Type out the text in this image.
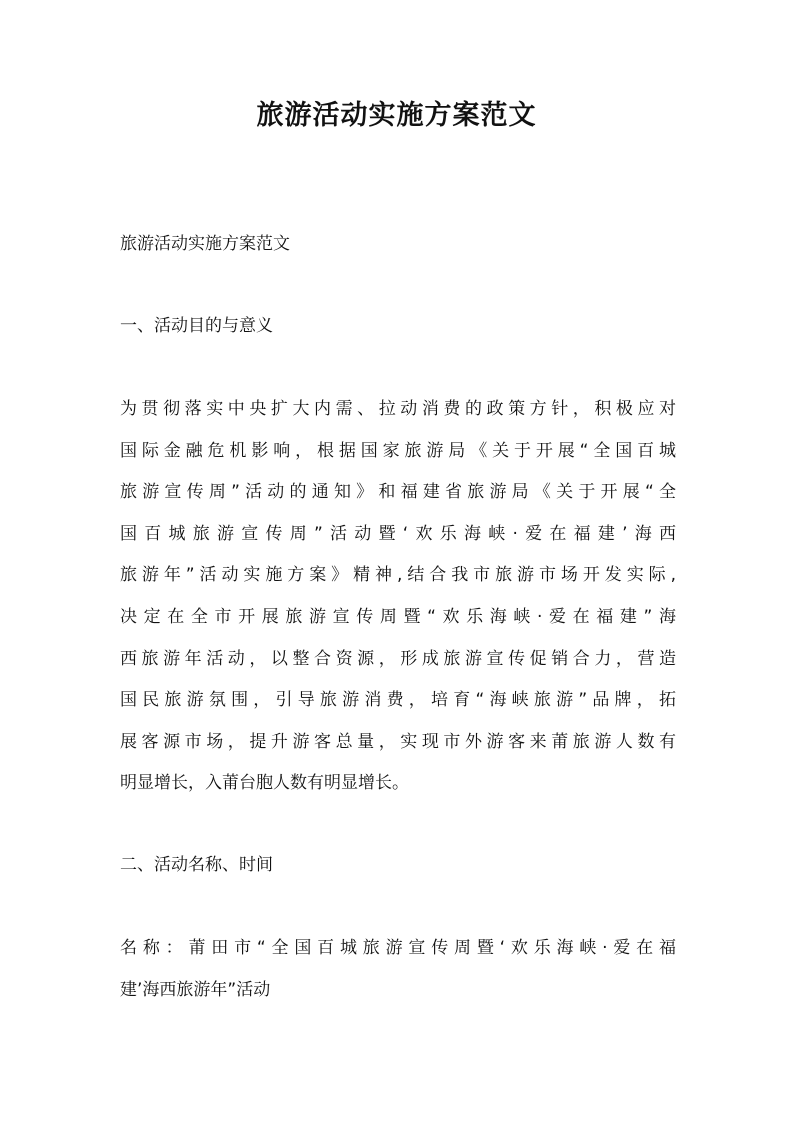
旅游活动实施方案范文

旅游活动实施方案范文

一、活动目的与意义

为贯彻落实中央扩大内需、拉动消费的政策方针，积极应对
国际金融危机影响，根据国家旅游局《关于开展“全国百城
旅游宣传周”活动的通知》和福建省旅游局《关于开展“全
国百城旅游宣传周”活动暨‘欢乐海峡·爱在福建’海西
旅游年”活动实施方案》精神,结合我市旅游市场开发实际,
决定在全市开展旅游宣传周暨“欢乐海峡·爱在福建”海
西旅游年活动，以整合资源，形成旅游宣传促销合力，营造
国民旅游氛围，引导旅游消费，培育“海峡旅游”品牌，拓
展客源市场，提升游客总量，实现市外游客来莆旅游人数有
明显增长，入莆台胞人数有明显增长。

二、活动名称、时间

名称：莆田市“全国百城旅游宣传周暨‘欢乐海峡·爱在福
建’海西旅游年”活动
